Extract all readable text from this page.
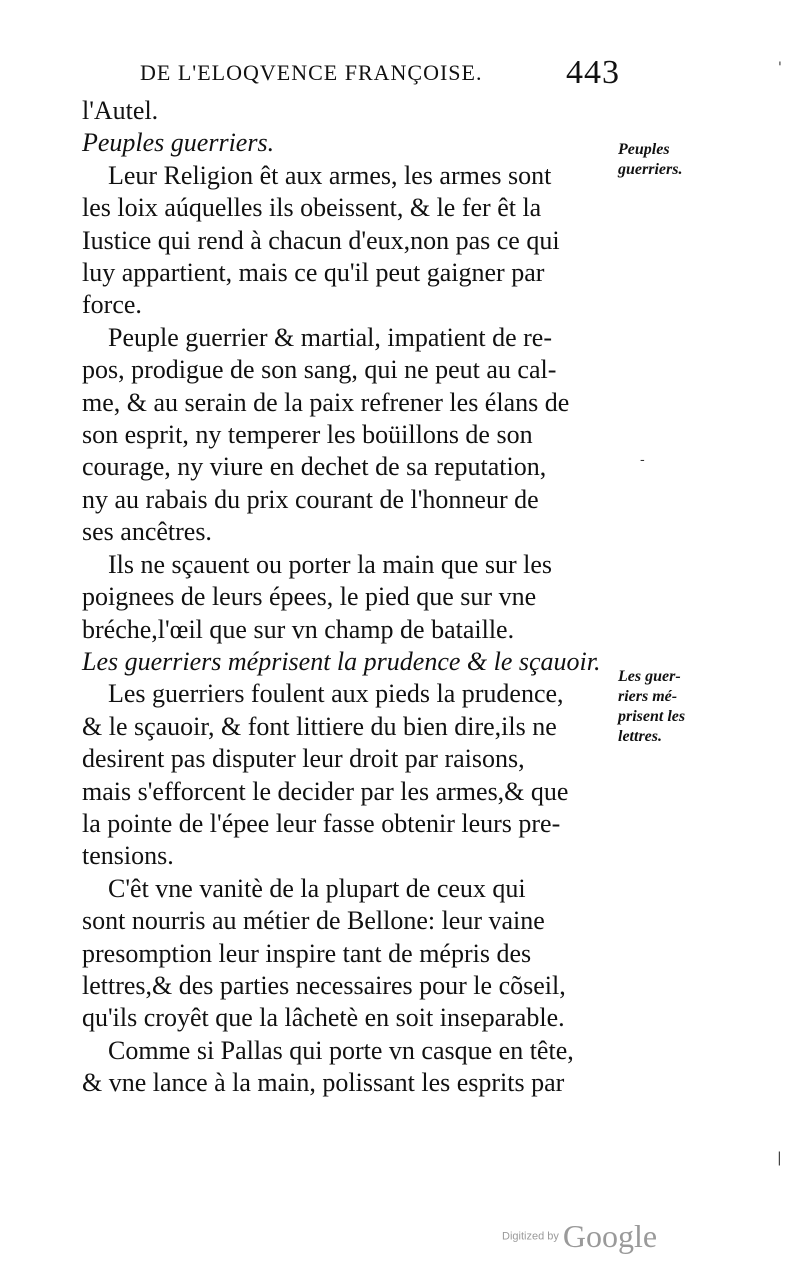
DE L'ELOQVENCE FRANÇOISE. 443
l'Autel.
Peuples guerriers.
Leur Religion êt aux armes, les armes sont
les loix aúquelles ils obeissent, & le fer êt la
Iustice qui rend à chacun d'eux,non pas ce qui
luy appartient, mais ce qu'il peut gaigner par
force.
Peuple guerrier & martial, impatient de re-
pos, prodigue de son sang, qui ne peut au cal-
me, & au serain de la paix refrener les élans de
son esprit, ny temperer les boüillons de son
courage, ny viure en dechet de sa reputation,
ny au rabais du prix courant de l'honneur de
ses ancêtres.
Ils ne sçauent ou porter la main que sur les
poignees de leurs épees, le pied que sur vne
bréche,l'œil que sur vn champ de bataille.
Les guerriers méprisent la prudence & le sçauoir.
Les guerriers foulent aux pieds la prudence,
& le sçauoir, & font littiere du bien dire,ils ne
desirent pas disputer leur droit par raisons,
mais s'efforcent le decider par les armes,& que
la pointe de l'épee leur fasse obtenir leurs pre-
tensions.
C'êt vne vanitè de la plupart de ceux qui
sont nourris au métier de Bellone: leur vaine
presomption leur inspire tant de mépris des
lettres,& des parties necessaires pour le cõseil,
qu'ils croyêt que la lâchetè en soit inseparable.
Comme si Pallas qui porte vn casque en tête,
& vne lance à la main, polissant les esprits par
Peuples
guerriers.
Les guer-
riers mé-
prisent les
lettres.
'
-
|
Digitized by Google
